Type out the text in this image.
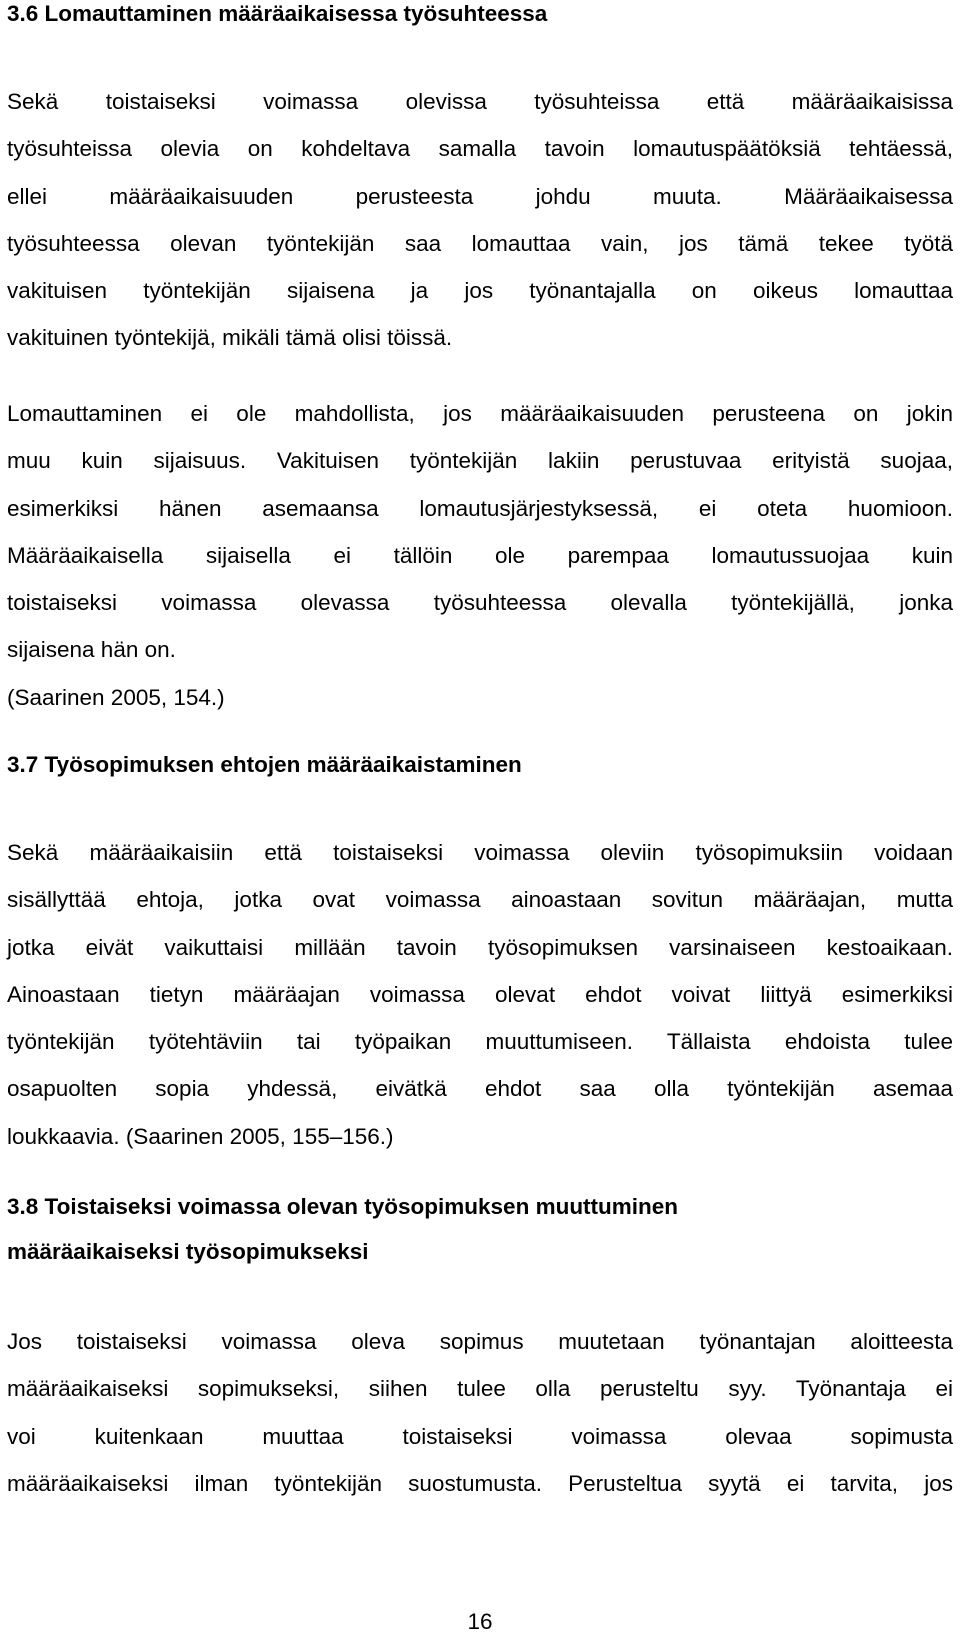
3.6 Lomauttaminen määräaikaisessa työsuhteessa
Sekä toistaiseksi voimassa olevissa työsuhteissa että määräaikaisissa
työsuhteissa olevia on kohdeltava samalla tavoin lomautuspäätöksiä tehtäessä,
ellei määräaikaisuuden perusteesta johdu muuta. Määräaikaisessa
työsuhteessa olevan työntekijän saa lomauttaa vain, jos tämä tekee työtä
vakituisen työntekijän sijaisena ja jos työnantajalla on oikeus lomauttaa
vakituinen työntekijä, mikäli tämä olisi töissä.
Lomauttaminen ei ole mahdollista, jos määräaikaisuuden perusteena on jokin
muu kuin sijaisuus. Vakituisen työntekijän lakiin perustuvaa erityistä suojaa,
esimerkiksi hänen asemaansa lomautusjärjestyksessä, ei oteta huomioon.
Määräaikaisella sijaisella ei tällöin ole parempaa lomautussuojaa kuin
toistaiseksi voimassa olevassa työsuhteessa olevalla työntekijällä, jonka
sijaisena hän on.
(Saarinen 2005, 154.)
3.7 Työsopimuksen ehtojen määräaikaistaminen
Sekä määräaikaisiin että toistaiseksi voimassa oleviin työsopimuksiin voidaan
sisällyttää ehtoja, jotka ovat voimassa ainoastaan sovitun määräajan, mutta
jotka eivät vaikuttaisi millään tavoin työsopimuksen varsinaiseen kestoaikaan.
Ainoastaan tietyn määräajan voimassa olevat ehdot voivat liittyä esimerkiksi
työntekijän työtehtäviin tai työpaikan muuttumiseen. Tällaista ehdoista tulee
osapuolten sopia yhdessä, eivätkä ehdot saa olla työntekijän asemaa
loukkaavia. (Saarinen 2005, 155–156.)
3.8 Toistaiseksi voimassa olevan työsopimuksen muuttuminen
määräaikaiseksi työsopimukseksi
Jos toistaiseksi voimassa oleva sopimus muutetaan työnantajan aloitteesta
määräaikaiseksi sopimukseksi, siihen tulee olla perusteltu syy. Työnantaja ei
voi kuitenkaan muuttaa toistaiseksi voimassa olevaa sopimusta
määräaikaiseksi ilman työntekijän suostumusta. Perusteltua syytä ei tarvita, jos
16
